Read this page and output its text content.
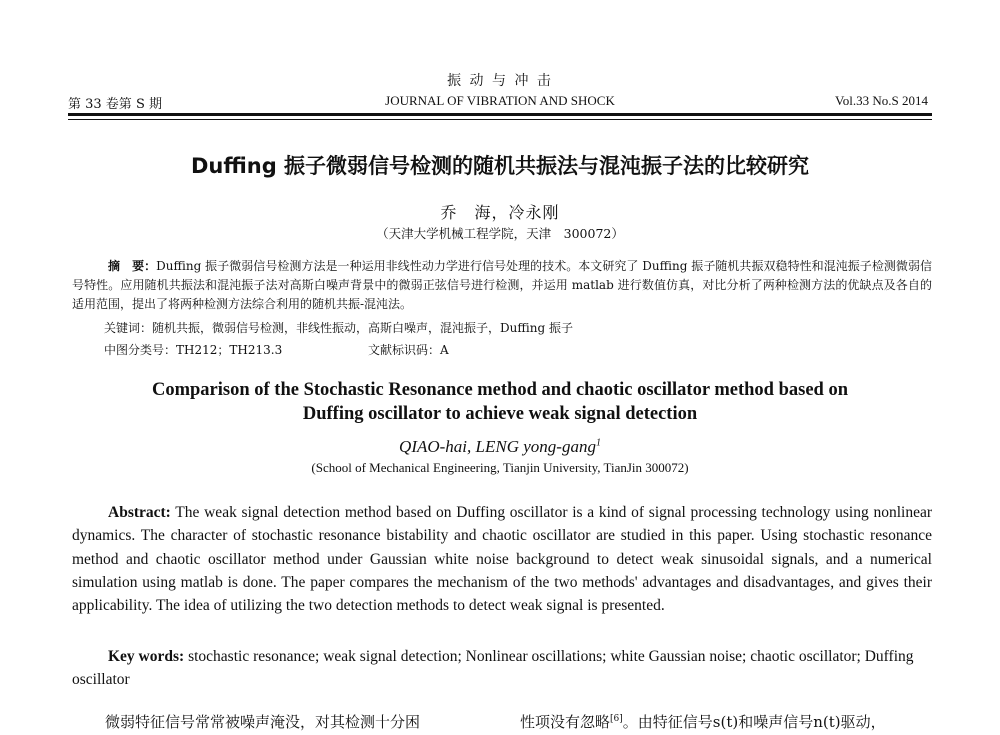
振 动 与 冲 击
第 33 卷第 S 期	JOURNAL OF VIBRATION AND SHOCK	Vol.33 No.S 2014
Duffing 振子微弱信号检测的随机共振法与混沌振子法的比较研究
乔　海，冷永刚
（天津大学机械工程学院，天津　300072）
摘　要：Duffing 振子微弱信号检测方法是一种运用非线性动力学进行信号处理的技术。本文研究了 Duffing 振子随机共振双稳特性和混沌振子检测微弱信号特性。应用随机共振法和混沌振子法对高斯白噪声背景中的微弱正弦信号进行检测，并运用 matlab 进行数值仿真，对比分析了两种检测方法的优缺点及各自的适用范围，提出了将两种检测方法综合利用的随机共振-混沌法。
关键词：随机共振，微弱信号检测，非线性振动，高斯白噪声，混沌振子，Duffing 振子
中图分类号：TH212；TH213.3	文献标识码：A
Comparison of the Stochastic Resonance method and chaotic oscillator method based on
Duffing oscillator to achieve weak signal detection
QIAO-hai, LENG yong-gang$^1$
(School of Mechanical Engineering, Tianjin University, TianJin 300072)
Abstract: The weak signal detection method based on Duffing oscillator is a kind of signal processing technology using nonlinear dynamics. The character of stochastic resonance bistability and chaotic oscillator are studied in this paper. Using stochastic resonance method and chaotic oscillator method under Gaussian white noise background to detect weak sinusoidal signals, and a numerical simulation using matlab is done. The paper compares the mechanism of the two methods' advantages and disadvantages, and gives their applicability. The idea of utilizing the two detection methods to detect weak signal is presented.
Key words: stochastic resonance; weak signal detection; Nonlinear oscillations; white Gaussian noise; chaotic oscillator; Duffing oscillator
微弱特征信号常常被噪声淹没，对其检测十分困	性项没有忽略[6]。由特征信号s(t)和噪声信号n(t)驱动，
